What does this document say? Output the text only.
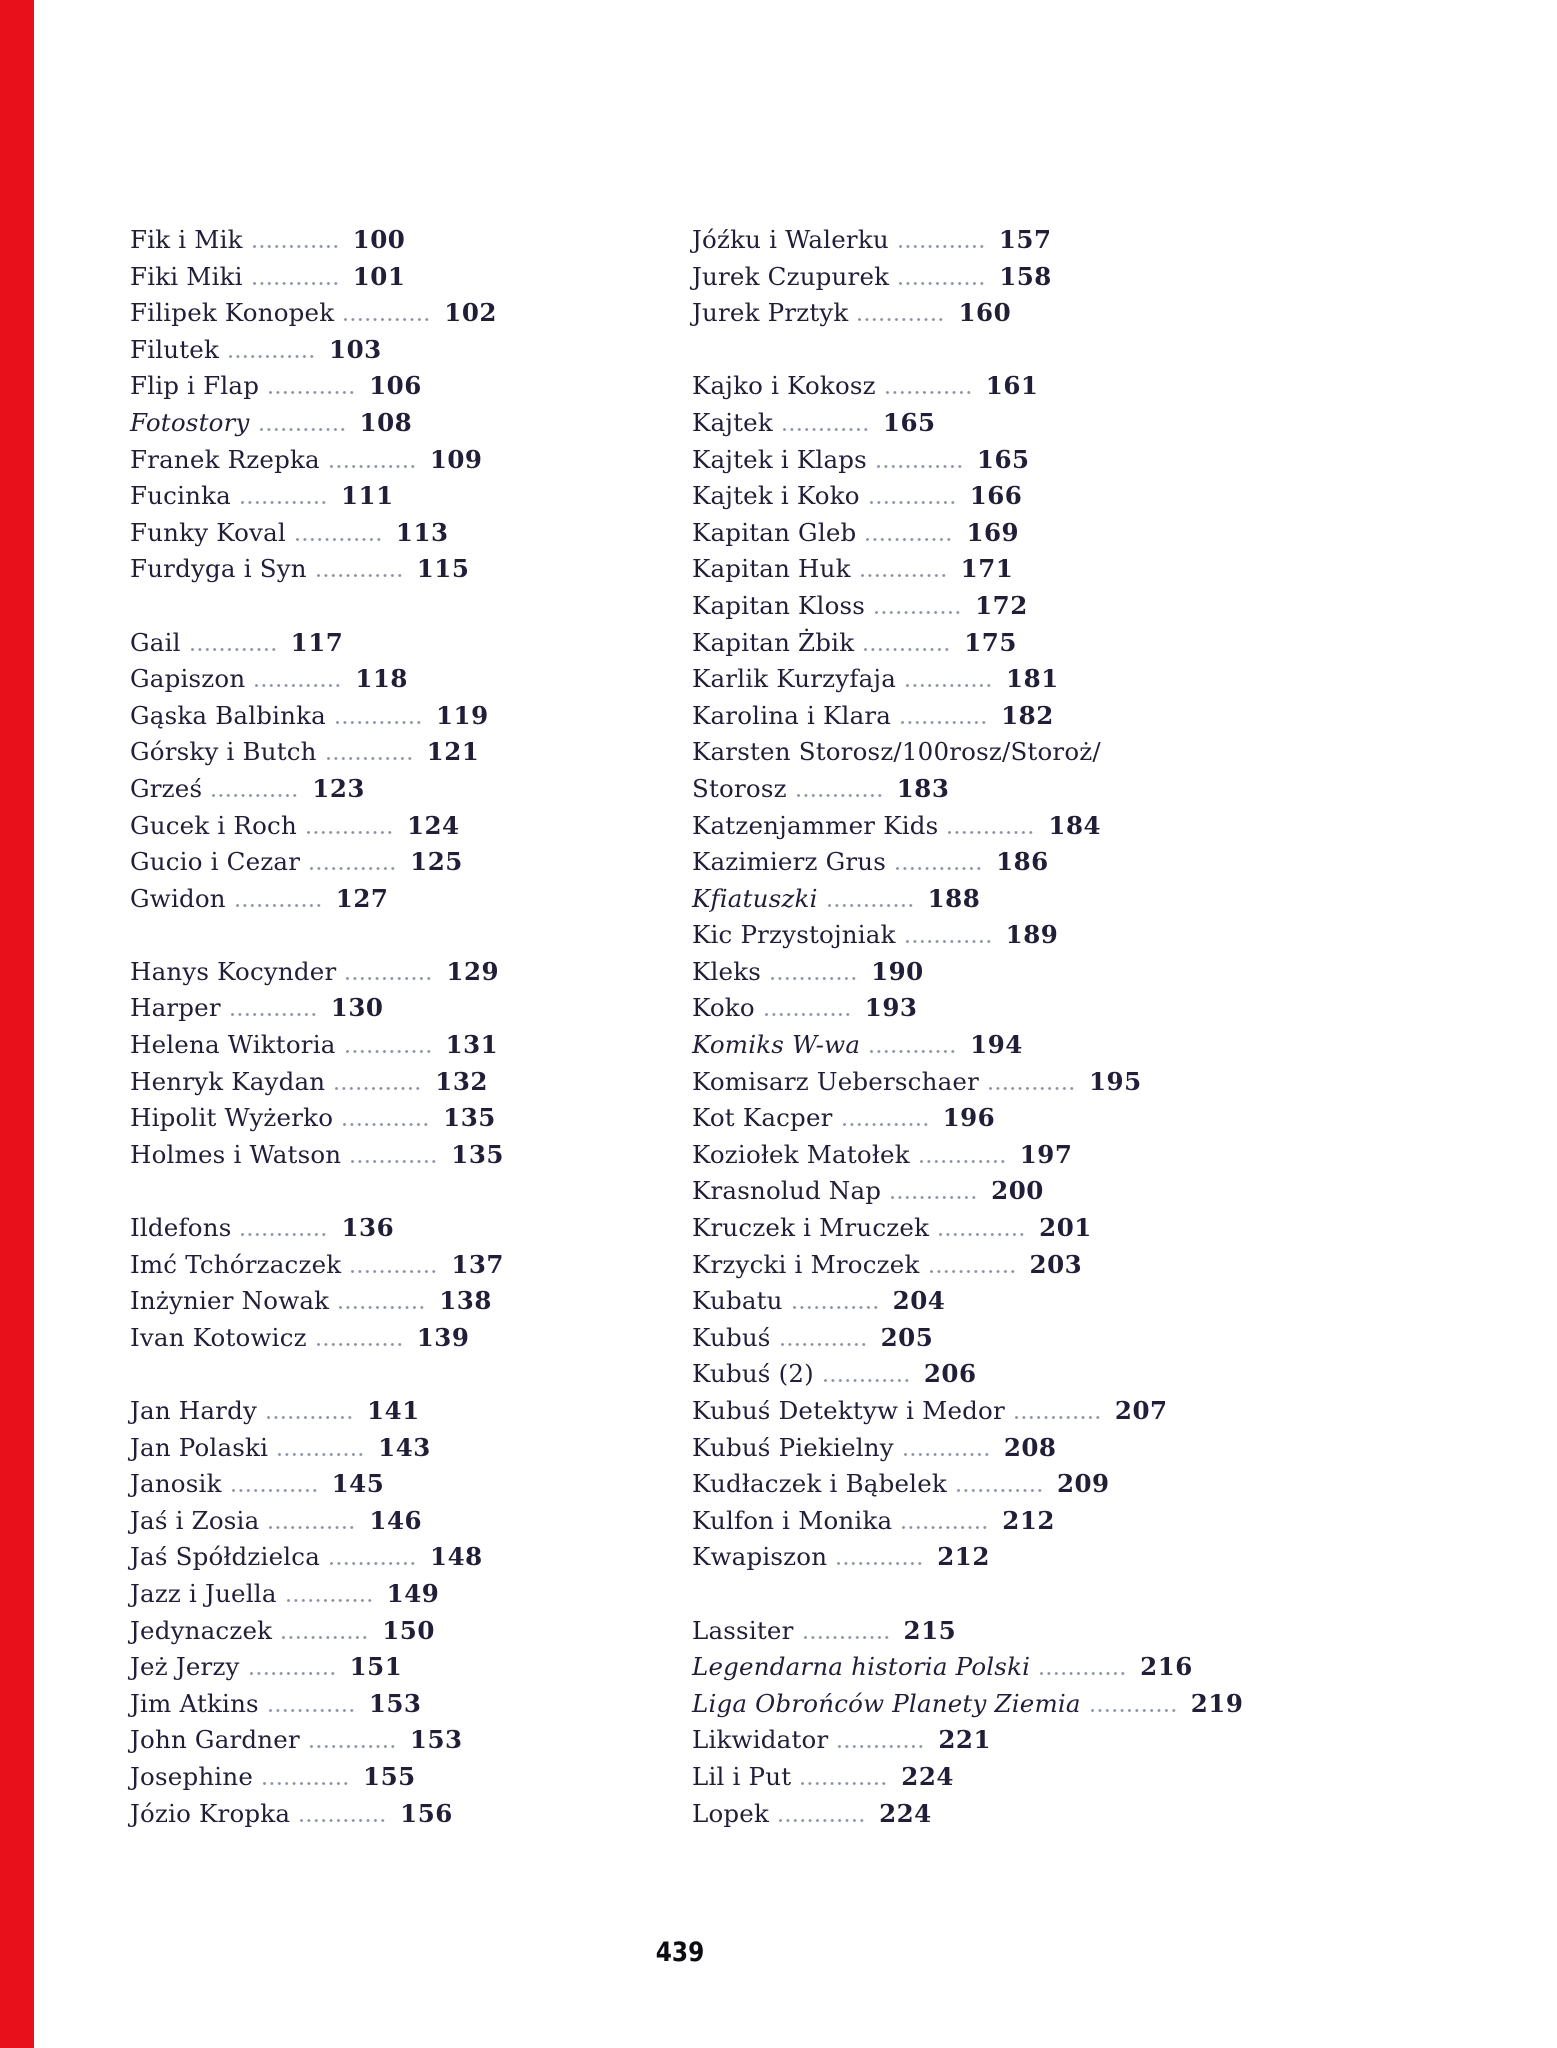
Fik i Mik	100
Fiki Miki	101
Filipek Konopek	102
Filutek	103
Flip i Flap	106
Fotostory	108
Franek Rzepka	109
Fucinka	111
Funky Koval	113
Furdyga i Syn	115
Gail	117
Gapiszon	118
Gąska Balbinka	119
Górsky i Butch	121
Grześ	123
Gucek i Roch	124
Gucio i Cezar	125
Gwidon	127
Hanys Kocynder	129
Harper	130
Helena Wiktoria	131
Henryk Kaydan	132
Hipolit Wyżerko	135
Holmes i Watson	135
Ildefons	136
Imć Tchórzaczek	137
Inżynier Nowak	138
Ivan Kotowicz	139
Jan Hardy	141
Jan Polaski	143
Janosik	145
Jaś i Zosia	146
Jaś Spółdzielca	148
Jazz i Juella	149
Jedynaczek	150
Jeż Jerzy	151
Jim Atkins	153
John Gardner	153
Josephine	155
Józio Kropka	156
Jóźku i Walerku	157
Jurek Czupurek	158
Jurek Prztyk	160
Kajko i Kokosz	161
Kajtek	165
Kajtek i Klaps	165
Kajtek i Koko	166
Kapitan Gleb	169
Kapitan Huk	171
Kapitan Kloss	172
Kapitan Żbik	175
Karlik Kurzyfaja	181
Karolina i Klara	182
Karsten Storosz/100rosz/Storoż/
Storosz	183
Katzenjammer Kids	184
Kazimierz Grus	186
Kfiatuszki	188
Kic Przystojniak	189
Kleks	190
Koko	193
Komiks W-wa	194
Komisarz Ueberschaer	195
Kot Kacper	196
Koziołek Matołek	197
Krasnolud Nap	200
Kruczek i Mruczek	201
Krzycki i Mroczek	203
Kubatu	204
Kubuś	205
Kubuś (2)	206
Kubuś Detektyw i Medor	207
Kubuś Piekielny	208
Kudłaczek i Bąbelek	209
Kulfon i Monika	212
Kwapiszon	212
Lassiter	215
Legendarna historia Polski	216
Liga Obrońców Planety Ziemia	219
Likwidator	221
Lil i Put	224
Lopek	224
439
